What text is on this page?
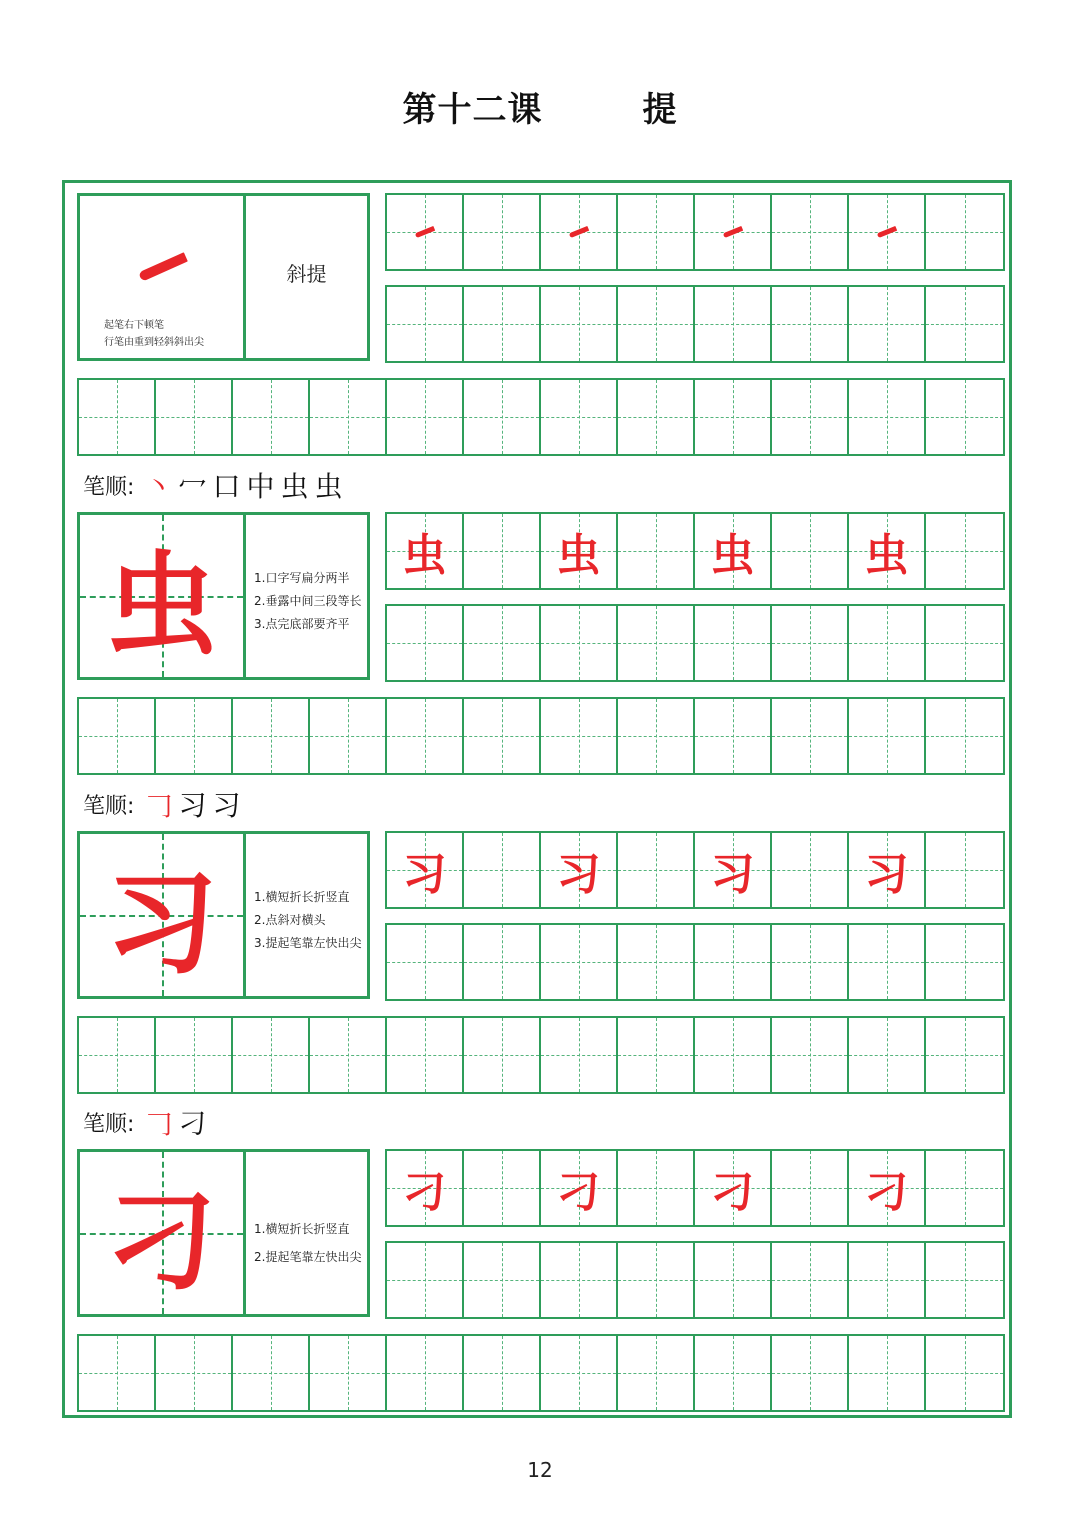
第十二课	提
起笔右下顿笔
行笔由重到轻斜斜出尖
斜提
笔顺: 丶 冖 口 中 虫 虫
虫	1.口字写扁分两半
2.垂露中间三段等长
3.点完底部要齐平
虫	虫	虫	虫
笔顺: 𠃌 习 习
习	1.横短折长折竖直
2.点斜对横头
3.提起笔靠左快出尖
习	习	习	习
笔顺: 𠃌 刁
刁	1.横短折长折竖直
2.提起笔靠左快出尖
刁	刁	刁	刁
12
